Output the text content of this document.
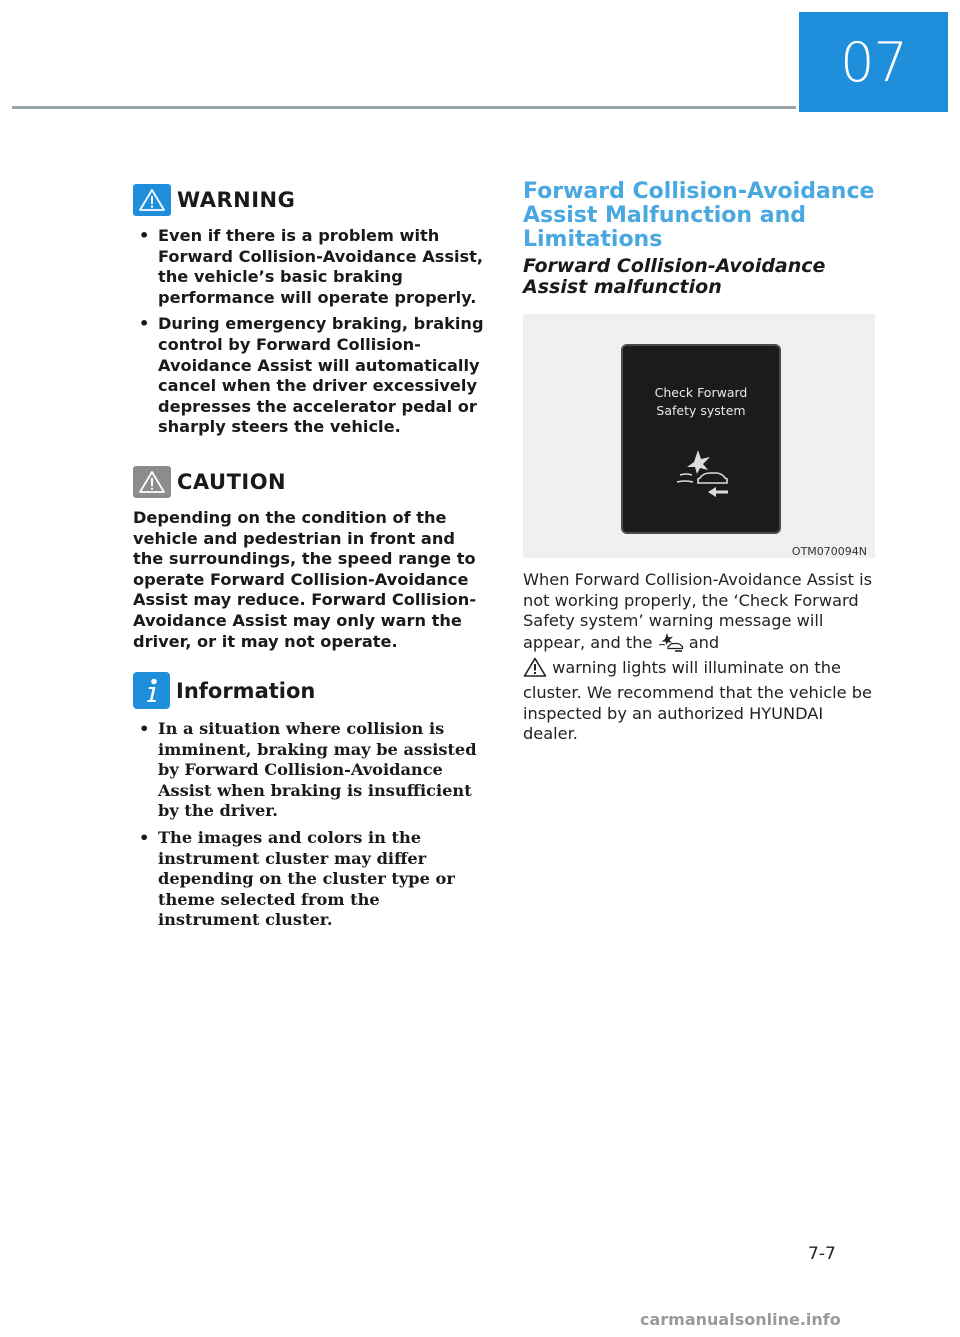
07
WARNING
• Even if there is a problem with Forward Collision-Avoidance Assist, the vehicle’s basic braking performance will operate properly.
• During emergency braking, braking control by Forward Collision-Avoidance Assist will automatically cancel when the driver excessively depresses the accelerator pedal or sharply steers the vehicle.
CAUTION

Depending on the condition of the vehicle and pedestrian in front and the surroundings, the speed range to operate Forward Collision-Avoidance Assist may reduce. Forward Collision-Avoidance Assist may only warn the driver, or it may not operate.

Information
• In a situation where collision is imminent, braking may be assisted by Forward Collision-Avoidance Assist when braking is insufficient by the driver.
• The images and colors in the instrument cluster may differ depending on the cluster type or theme selected from the instrument cluster.
Forward Collision-Avoidance Assist Malfunction and Limitations
Forward Collision-Avoidance Assist malfunction
Check Forward
Safety system
OTM070094N
When Forward Collision-Avoidance Assist is not working properly, the ‘Check Forward Safety system’ warning message will appear, and the  and
warning lights will illuminate on the cluster. We recommend that the vehicle be inspected by an authorized HYUNDAI dealer.
7-7
carmanualsonline.info
